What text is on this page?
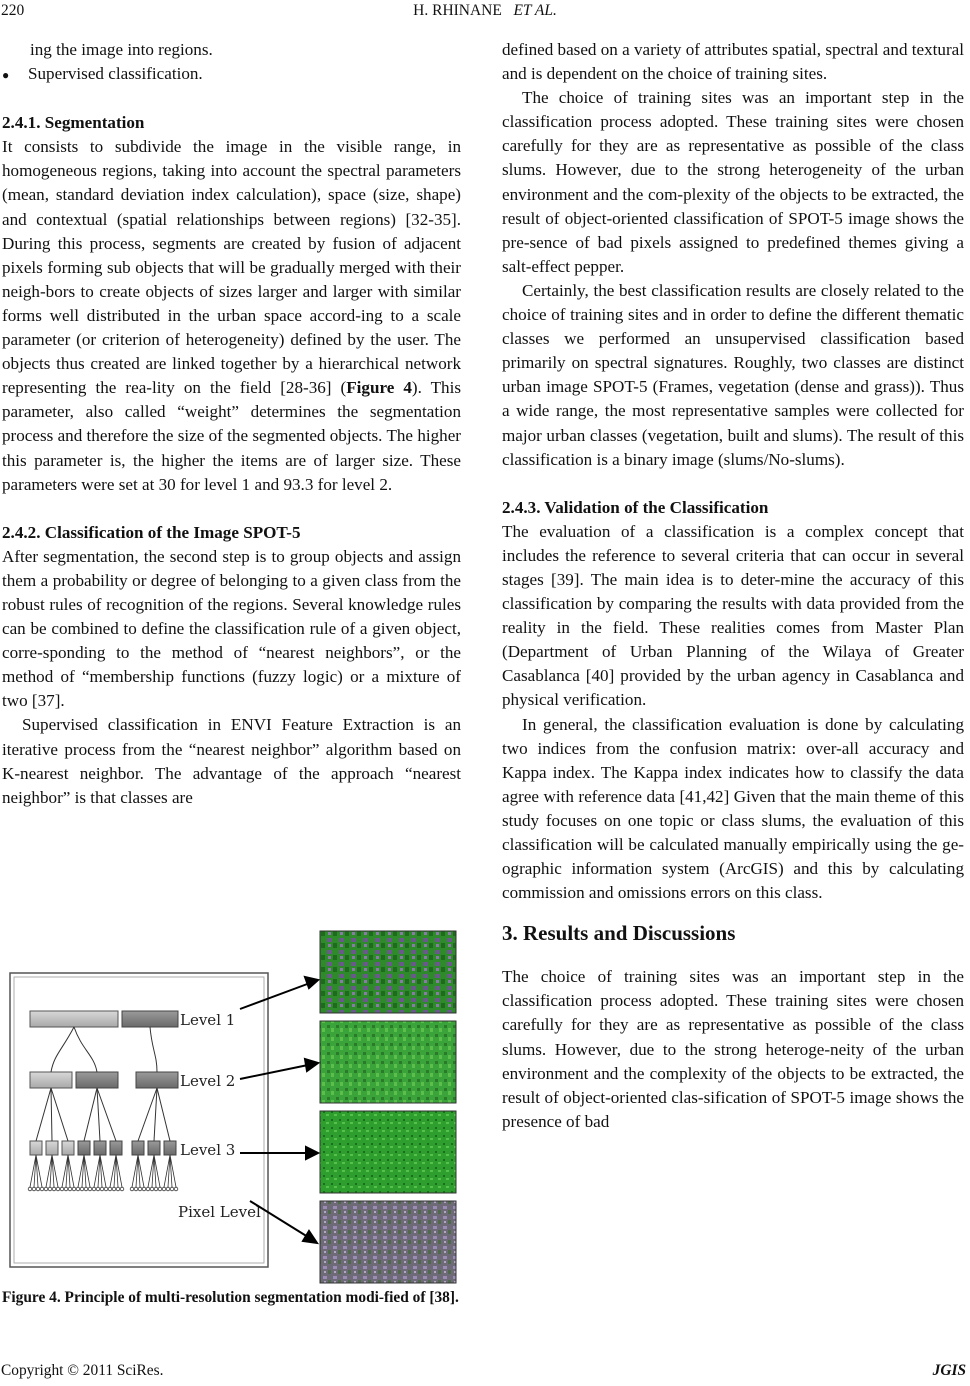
220	H. RHINANE ET AL.

ing the image into regions.

●	Supervised classification.
2.4.1. Segmentation

It consists to subdivide the image in the visible range, in homogeneous regions, taking into account the spectral parameters (mean, standard deviation index calculation), space (size, shape) and contextual (spatial relationships between regions) [32-35]. During this process, segments are created by fusion of adjacent pixels forming sub objects that will be gradually merged with their neigh-bors to create objects of sizes larger and larger with similar forms well distributed in the urban space accord-ing to a scale parameter (or criterion of heterogeneity) defined by the user. The objects thus created are linked together by a hierarchical network representing the rea-lity on the field [28-36] (Figure 4). This parameter, also called “weight” determines the segmentation process and therefore the size of the segmented objects. The higher this parameter is, the higher the items are of larger size. These parameters were set at 30 for level 1 and 93.3 for level 2.

2.4.2. Classification of the Image SPOT-5

After segmentation, the second step is to group objects and assign them a probability or degree of belonging to a given class from the robust rules of recognition of the regions. Several knowledge rules can be combined to define the classification rule of a given object, corre-sponding to the method of “nearest neighbors”, or the method of “membership functions (fuzzy logic) or a mixture of two [37].

Supervised classification in ENVI Feature Extraction is an iterative process from the “nearest neighbor” algorithm based on K-nearest neighbor. The advantage of the approach “nearest neighbor” is that classes are

Level 1
Level 2
Level 3
Pixel Level
Figure 4. Principle of multi-resolution segmentation modi-fied of [38].

defined based on a variety of attributes spatial, spectral and textural and is dependent on the choice of training sites.

The choice of training sites was an important step in the classification process adopted. These training sites were chosen carefully for they are as representative as possible of the class slums. However, due to the strong heterogeneity of the urban environment and the com-plexity of the objects to be extracted, the result of object-oriented classification of SPOT-5 image shows the pre-sence of bad pixels assigned to predefined themes giving a salt-effect pepper.

Certainly, the best classification results are closely related to the choice of training sites and in order to define the different thematic classes we performed an unsupervised classification based primarily on spectral signatures. Roughly, two classes are distinct urban image SPOT-5 (Frames, vegetation (dense and grass)). Thus a wide range, the most representative samples were collected for major urban classes (vegetation, built and slums). The result of this classification is a binary image (slums/No-slums).

2.4.3. Validation of the Classification

The evaluation of a classification is a complex concept that includes the reference to several criteria that can occur in several stages [39]. The main idea is to deter-mine the accuracy of this classification by comparing the results with data provided from the reality in the field. These realities comes from Master Plan (Department of Urban Planning of the Wilaya of Greater Casablanca [40] provided by the urban agency in Casablanca and physical verification.

In general, the classification evaluation is done by calculating two indices from the confusion matrix: over-all accuracy and Kappa index. The Kappa index indicates how to classify the data agree with reference data [41,42] Given that the main theme of this study focuses on one topic or class slums, the evaluation of this classification will be calculated manually empirically using the ge-ographic information system (ArcGIS) and this by calculating commission and omissions errors on this class.

3. Results and Discussions

The choice of training sites was an important step in the classification process adopted. These training sites were chosen carefully for they are as representative as possible of the class slums. However, due to the strong heteroge-neity of the urban environment and the complexity of the objects to be extracted, the result of object-oriented clas-sification of SPOT-5 image shows the presence of bad

Copyright © 2011 SciRes.	JGIS
